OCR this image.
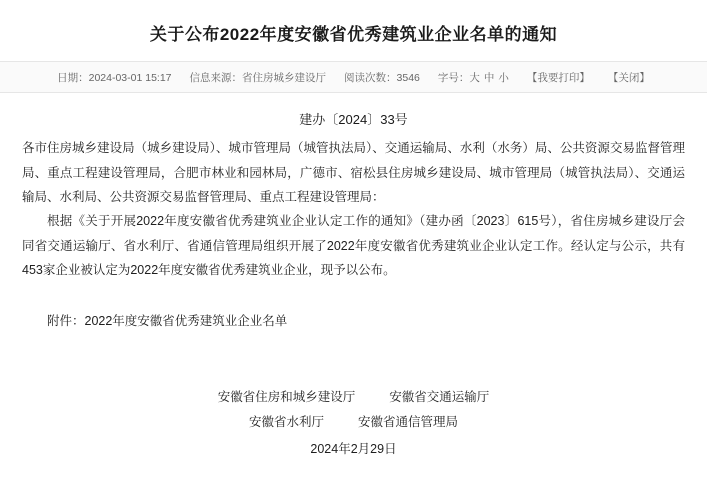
关于公布2022年度安徽省优秀建筑业企业名单的通知
日期：2024-03-01 15:17 信息来源：省住房城乡建设厅 阅读次数：3546 字号： 大 中 小 【我要打印】 【关闭】
建办〔2024〕33号

各市住房城乡建设局（城乡建设局）、城市管理局（城管执法局）、交通运输局、水利（水务）局、公共资源交易监督管理局、重点工程建设管理局，合肥市林业和园林局，广德市、宿松县住房城乡建设局、城市管理局（城管执法局）、交通运输局、水利局、公共资源交易监督管理局、重点工程建设管理局：

根据《关于开展2022年度安徽省优秀建筑业企业认定工作的通知》（建办函〔2023〕615号），省住房城乡建设厅会同省交通运输厅、省水利厅、省通信管理局组织开展了2022年度安徽省优秀建筑业企业认定工作。经认定与公示，共有453家企业被认定为2022年度安徽省优秀建筑业企业，现予以公布。

附件：2022年度安徽省优秀建筑业企业名单
安徽省住房和城乡建设厅	安徽省交通运输厅
安徽省水利厅	安徽省通信管理局
2024年2月29日
